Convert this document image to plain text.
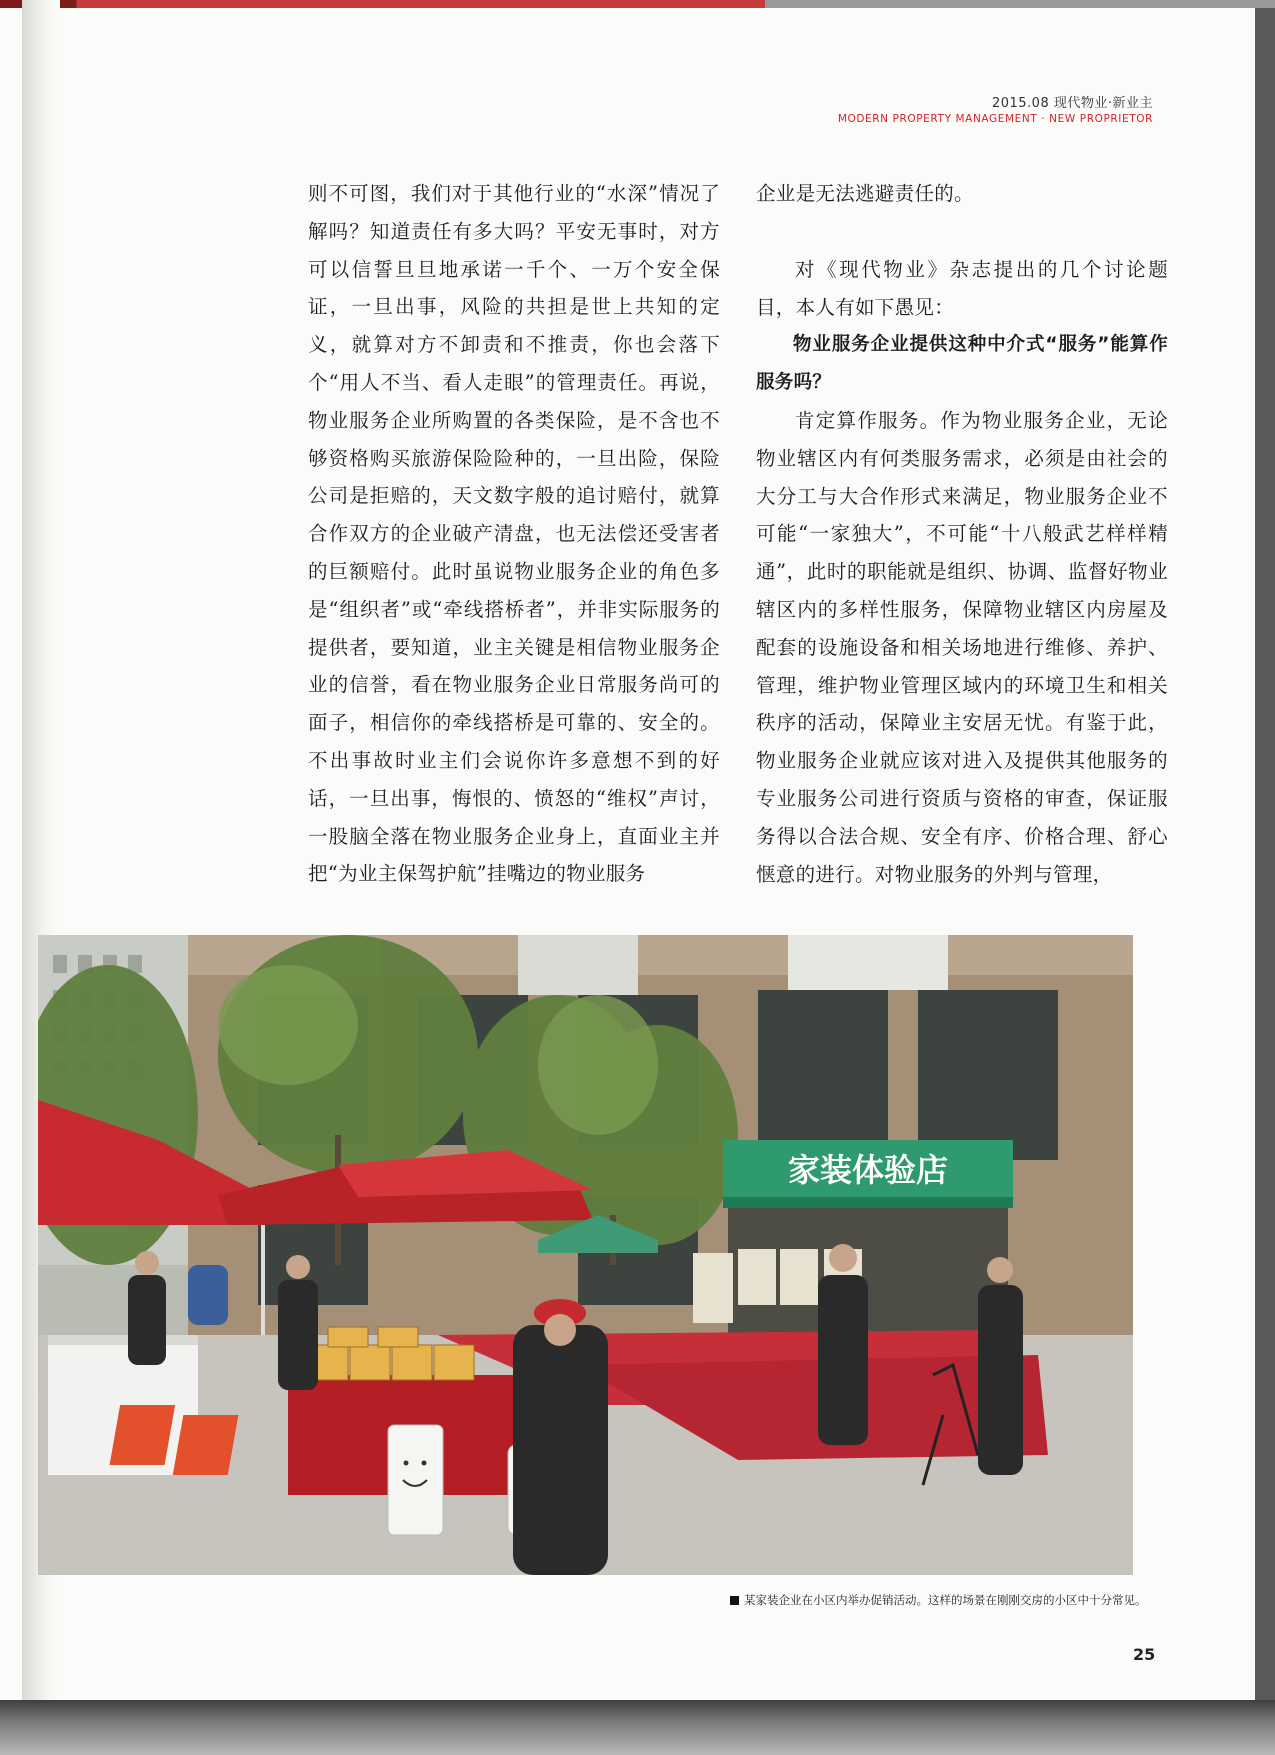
2015.08 现代物业·新业主
MODERN PROPERTY MANAGEMENT · NEW PROPRIETOR

则不可图，我们对于其他行业的“水深”情况了解吗？知道责任有多大吗？平安无事时，对方可以信誓旦旦地承诺一千个、一万个安全保证，一旦出事，风险的共担是世上共知的定义，就算对方不卸责和不推责，你也会落下个“用人不当、看人走眼”的管理责任。再说，物业服务企业所购置的各类保险，是不含也不够资格购买旅游保险险种的，一旦出险，保险公司是拒赔的，天文数字般的追讨赔付，就算合作双方的企业破产清盘，也无法偿还受害者的巨额赔付。此时虽说物业服务企业的角色多是“组织者”或“牵线搭桥者”，并非实际服务的提供者，要知道，业主关键是相信物业服务企业的信誉，看在物业服务企业日常服务尚可的面子，相信你的牵线搭桥是可靠的、安全的。不出事故时业主们会说你许多意想不到的好话，一旦出事，悔恨的、愤怒的“维权”声讨，一股脑全落在物业服务企业身上，直面业主并把“为业主保驾护航”挂嘴边的物业服务

企业是无法逃避责任的。

对《现代物业》杂志提出的几个讨论题目，本人有如下愚见：

物业服务企业提供这种中介式“服务”能算作服务吗？

肯定算作服务。作为物业服务企业，无论物业辖区内有何类服务需求，必须是由社会的大分工与大合作形式来满足，物业服务企业不可能“一家独大”，不可能“十八般武艺样样精通”，此时的职能就是组织、协调、监督好物业辖区内的多样性服务，保障物业辖区内房屋及配套的设施设备和相关场地进行维修、养护、管理，维护物业管理区域内的环境卫生和相关秩序的活动，保障业主安居无忧。有鉴于此，物业服务企业就应该对进入及提供其他服务的专业服务公司进行资质与资格的审查，保证服务得以合法合规、安全有序、价格合理、舒心惬意的进行。对物业服务的外判与管理，

家装体验店
某家装企业在小区内举办促销活动。这样的场景在刚刚交房的小区中十分常见。
25
